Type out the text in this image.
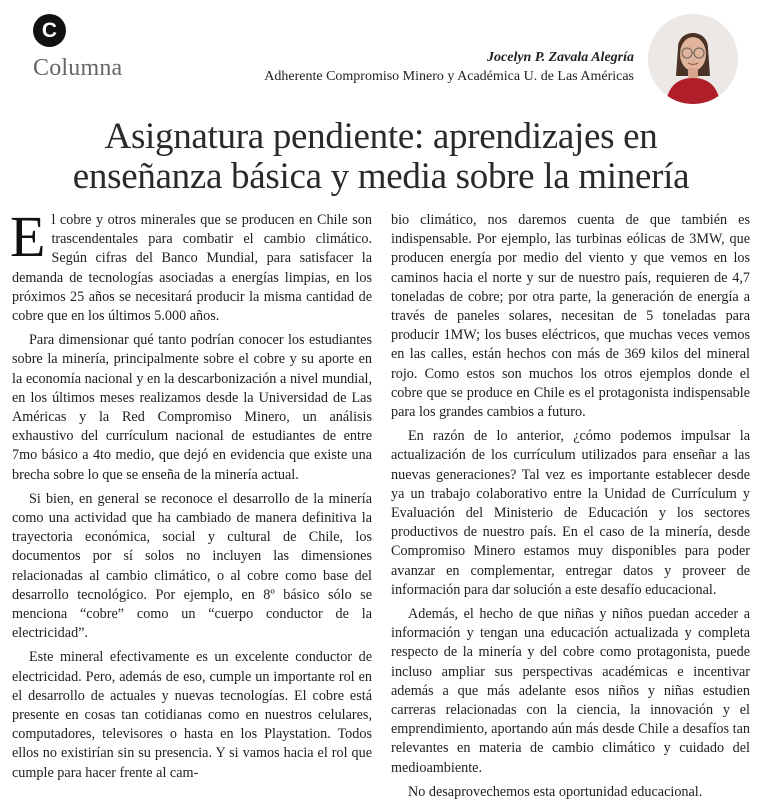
C
Columna	Jocelyn P. Zavala Alegría
Adherente Compromiso Minero y Académica U. de Las Américas
Asignatura pendiente: aprendizajes en
enseñanza básica y media sobre la minería

El cobre y otros minerales que se producen en Chile son trascendentales para combatir el cambio climático. Según cifras del Banco Mundial, para satisfacer la demanda de tecnologías asociadas a energías limpias, en los próximos 25 años se necesitará producir la misma cantidad de cobre que en los últimos 5.000 años.

Para dimensionar qué tanto podrían conocer los estudiantes sobre la minería, principalmente sobre el cobre y su aporte en la economía nacional y en la descarbonización a nivel mundial, en los últimos meses realizamos desde la Universidad de Las Américas y la Red Compromiso Minero, un análisis exhaustivo del currículum nacional de estudiantes de entre 7mo básico a 4to medio, que dejó en evidencia que existe una brecha sobre lo que se enseña de la minería actual.

Si bien, en general se reconoce el desarrollo de la minería como una actividad que ha cambiado de manera definitiva la trayectoria económica, social y cultural de Chile, los documentos por sí solos no incluyen las dimensiones relacionadas al cambio climático, o al cobre como base del desarrollo tecnológico. Por ejemplo, en 8º básico sólo se menciona “cobre” como un “cuerpo conductor de la electricidad”.

Este mineral efectivamente es un excelente conductor de electricidad. Pero, además de eso, cumple un importante rol en el desarrollo de actuales y nuevas tecnologías. El cobre está presente en cosas tan cotidianas como en nuestros celulares, computadores, televisores o hasta en los Playstation. Todos ellos no existirían sin su presencia. Y si vamos hacia el rol que cumple para hacer frente al cam-

bio climático, nos daremos cuenta de que también es indispensable. Por ejemplo, las turbinas eólicas de 3MW, que producen energía por medio del viento y que vemos en los caminos hacia el norte y sur de nuestro país, requieren de 4,7 toneladas de cobre; por otra parte, la generación de energía a través de paneles solares, necesitan de 5 toneladas para producir 1MW; los buses eléctricos, que muchas veces vemos en las calles, están hechos con más de 369 kilos del mineral rojo. Como estos son muchos los otros ejemplos donde el cobre que se produce en Chile es el protagonista indispensable para los grandes cambios a futuro.

En razón de lo anterior, ¿cómo podemos impulsar la actualización de los currículum utilizados para enseñar a las nuevas generaciones? Tal vez es importante establecer desde ya un trabajo colaborativo entre la Unidad de Currículum y Evaluación del Ministerio de Educación y los sectores productivos de nuestro país. En el caso de la minería, desde Compromiso Minero estamos muy disponibles para poder avanzar en complementar, entregar datos y proveer de información para dar solución a este desafío educacional.

Además, el hecho de que niñas y niños puedan acceder a información y tengan una educación actualizada y completa respecto de la minería y del cobre como protagonista, puede incluso ampliar sus perspectivas académicas e incentivar además a que más adelante esos niños y niñas estudien carreras relacionadas con la ciencia, la innovación y el emprendimiento, aportando aún más desde Chile a desafíos tan relevantes en materia de cambio climático y cuidado del medioambiente.

No desaprovechemos esta oportunidad educacional.
